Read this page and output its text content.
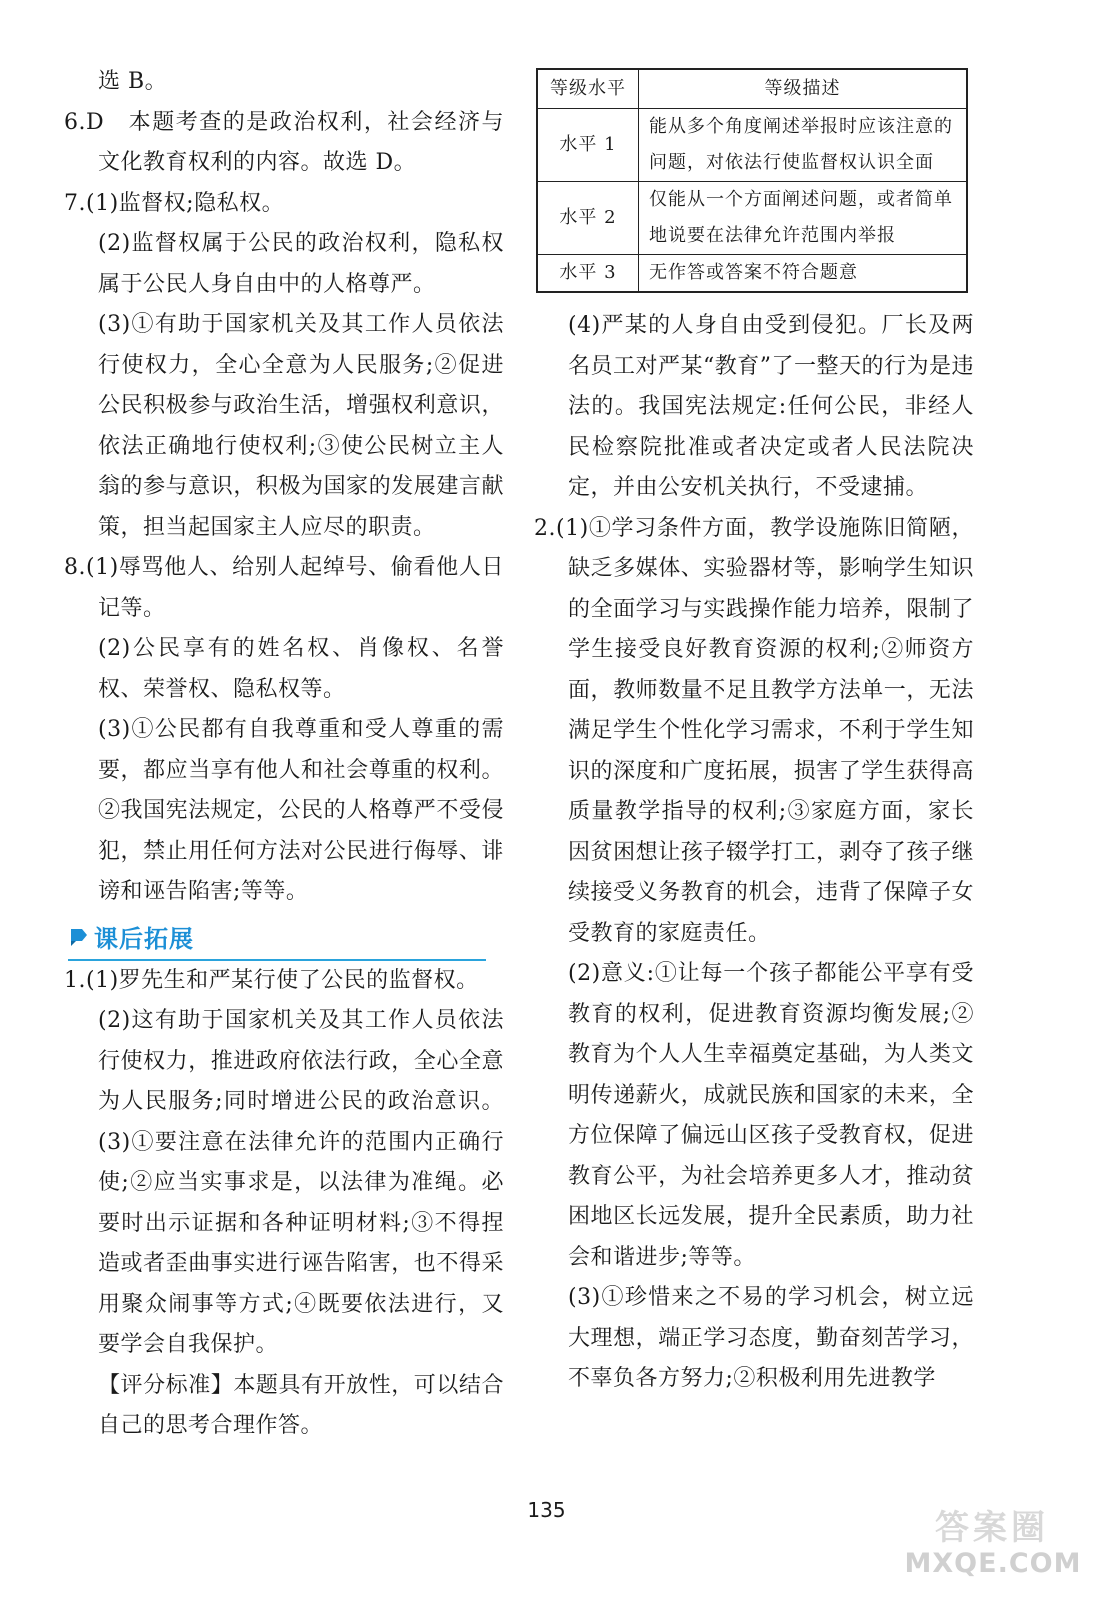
选 B。

6.D　本题考查的是政治权利，社会经济与文化教育权利的内容。故选 D。

7.(1)监督权;隐私权。

(2)监督权属于公民的政治权利，隐私权属于公民人身自由中的人格尊严。

(3)①有助于国家机关及其工作人员依法行使权力，全心全意为人民服务;②促进公民积极参与政治生活，增强权利意识，依法正确地行使权利;③使公民树立主人翁的参与意识，积极为国家的发展建言献策，担当起国家主人应尽的职责。

8.(1)辱骂他人、给别人起绰号、偷看他人日记等。

(2)公民享有的姓名权、肖像权、名誉权、荣誉权、隐私权等。

(3)①公民都有自我尊重和受人尊重的需要，都应当享有他人和社会尊重的权利。②我国宪法规定，公民的人格尊严不受侵犯，禁止用任何方法对公民进行侮辱、诽谤和诬告陷害;等等。

课后拓展

1.(1)罗先生和严某行使了公民的监督权。

(2)这有助于国家机关及其工作人员依法行使权力，推进政府依法行政，全心全意为人民服务;同时增进公民的政治意识。(3)①要注意在法律允许的范围内正确行使;②应当实事求是，以法律为准绳。必要时出示证据和各种证明材料;③不得捏造或者歪曲事实进行诬告陷害，也不得采用聚众闹事等方式;④既要依法进行，又要学会自我保护。

【评分标准】本题具有开放性，可以结合自己的思考合理作答。

等级水平	等级描述
水平 1	能从多个角度阐述举报时应该注意的问题，对依法行使监督权认识全面
水平 2	仅能从一个方面阐述问题，或者简单地说要在法律允许范围内举报
水平 3	无作答或答案不符合题意

(4)严某的人身自由受到侵犯。厂长及两名员工对严某“教育”了一整天的行为是违法的。我国宪法规定:任何公民，非经人民检察院批准或者决定或者人民法院决定，并由公安机关执行，不受逮捕。

2.(1)①学习条件方面，教学设施陈旧简陋，缺乏多媒体、实验器材等，影响学生知识的全面学习与实践操作能力培养，限制了学生接受良好教育资源的权利;②师资方面，教师数量不足且教学方法单一，无法满足学生个性化学习需求，不利于学生知识的深度和广度拓展，损害了学生获得高质量教学指导的权利;③家庭方面，家长因贫困想让孩子辍学打工，剥夺了孩子继续接受义务教育的机会，违背了保障子女受教育的家庭责任。

(2)意义:①让每一个孩子都能公平享有受教育的权利，促进教育资源均衡发展;②教育为个人人生幸福奠定基础，为人类文明传递薪火，成就民族和国家的未来，全方位保障了偏远山区孩子受教育权，促进教育公平，为社会培养更多人才，推动贫困地区长远发展，提升全民素质，助力社会和谐进步;等等。

(3)①珍惜来之不易的学习机会，树立远大理想，端正学习态度，勤奋刻苦学习，不辜负各方努力;②积极利用先进教学

135	答案圈
MXQE.COM
